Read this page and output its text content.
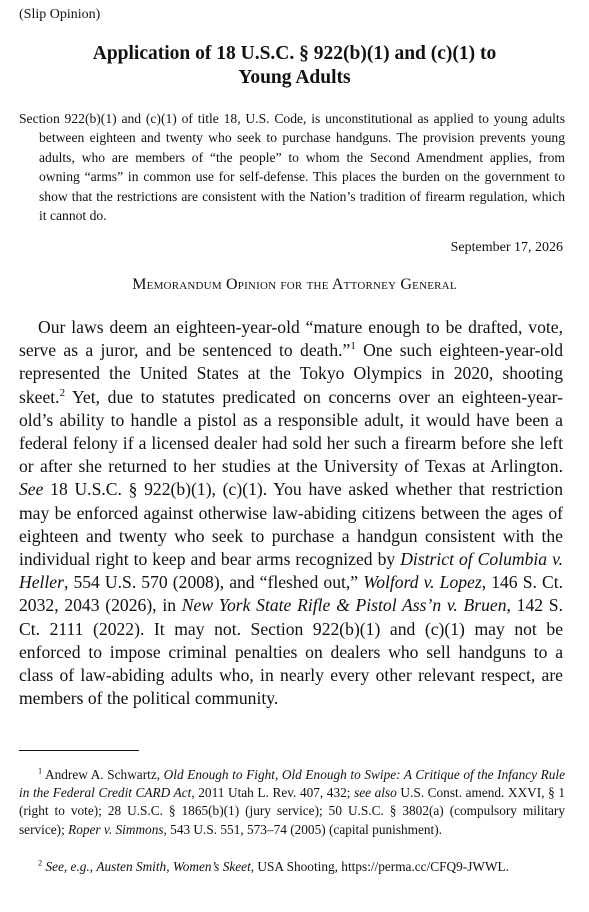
(Slip Opinion)
Application of 18 U.S.C. § 922(b)(1) and (c)(1) to
Young Adults
Section 922(b)(1) and (c)(1) of title 18, U.S. Code, is unconstitutional as applied to young adults between eighteen and twenty who seek to purchase handguns. The provision prevents young adults, who are members of “the people” to whom the Second Amendment applies, from owning “arms” in common use for self-defense. This places the burden on the government to show that the restrictions are consistent with the Nation’s tradition of firearm regulation, which it cannot do.
September 17, 2026
Memorandum Opinion for the Attorney General
Our laws deem an eighteen-year-old “mature enough to be drafted, vote, serve as a juror, and be sentenced to death.”$^1$ One such eighteen-year-old represented the United States at the Tokyo Olympics in 2020, shooting skeet.$^2$ Yet, due to statutes predicated on concerns over an eighteen-year-old’s ability to handle a pistol as a responsible adult, it would have been a federal felony if a licensed dealer had sold her such a firearm before she left or after she returned to her studies at the University of Texas at Arlington. See 18 U.S.C. § 922(b)(1), (c)(1). You have asked whether that restriction may be enforced against otherwise law-abiding citizens between the ages of eighteen and twenty who seek to purchase a handgun consistent with the individual right to keep and bear arms recognized by District of Columbia v. Heller, 554 U.S. 570 (2008), and “fleshed out,” Wolford v. Lopez, 146 S. Ct. 2032, 2043 (2026), in New York State Rifle & Pistol Ass’n v. Bruen, 142 S. Ct. 2111 (2022). It may not. Section 922(b)(1) and (c)(1) may not be enforced to impose criminal penalties on dealers who sell handguns to a class of law-abiding adults who, in nearly every other relevant respect, are members of the political community.
$^1$ Andrew A. Schwartz, Old Enough to Fight, Old Enough to Swipe: A Critique of the Infancy Rule in the Federal Credit CARD Act, 2011 Utah L. Rev. 407, 432; see also U.S. Const. amend. XXVI, § 1 (right to vote); 28 U.S.C. § 1865(b)(1) (jury service); 50 U.S.C. § 3802(a) (compulsory military service); Roper v. Simmons, 543 U.S. 551, 573–74 (2005) (capital punishment).
$^2$ See, e.g., Austen Smith, Women’s Skeet, USA Shooting, https://perma.cc/CFQ9-JWWL.
